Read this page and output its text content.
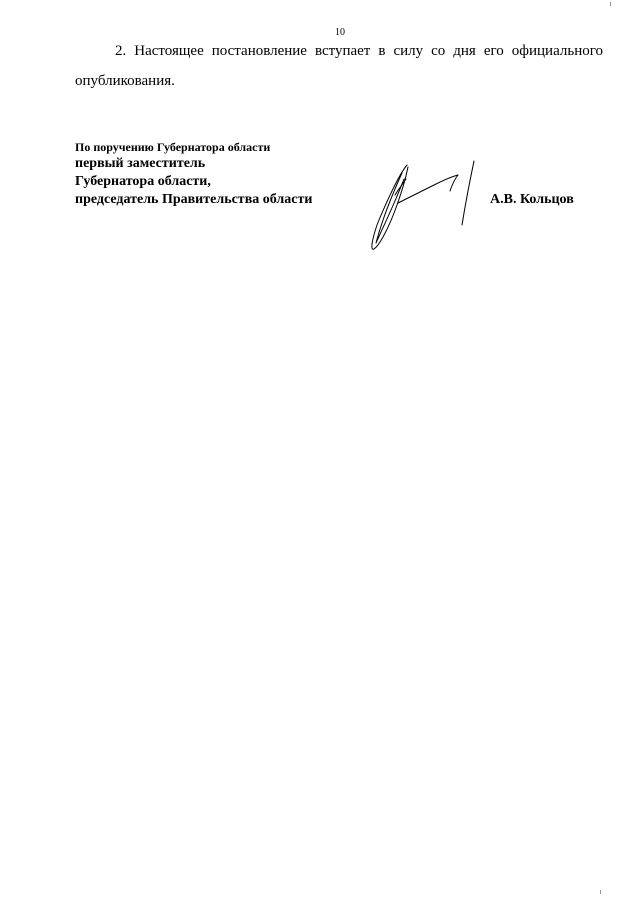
10
2. Настоящее постановление вступает в силу со дня его официального
опубликования.
По поручению Губернатора области
первый заместитель
Губернатора области,
председатель Правительства области	А.В. Кольцов
